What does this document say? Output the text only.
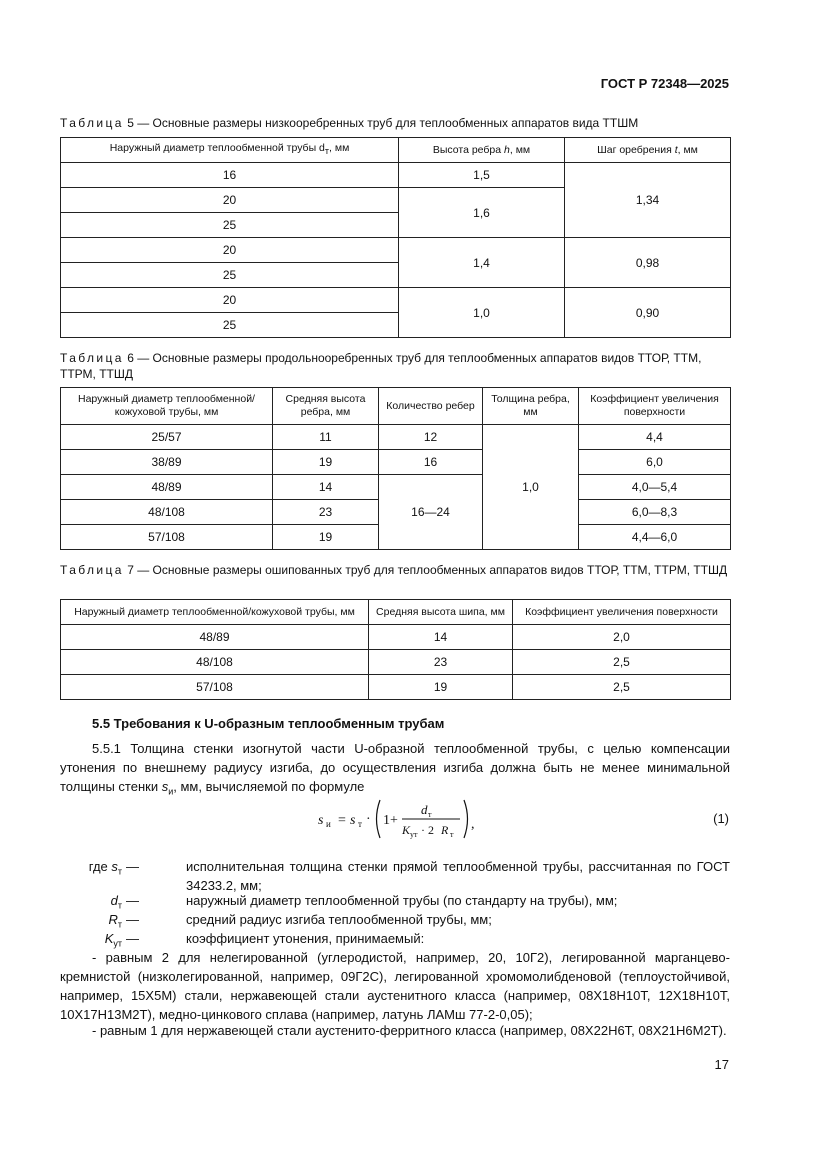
ГОСТ Р 72348—2025
Таблица 5 — Основные размеры низкооребренных труб для теплообменных аппаратов вида ТТШМ
Наружный диаметр теплообменной трубы $d_т$, мм	Высота ребра h, мм	Шаг оребрения t, мм
16	1,5	1,34
20	1,6	
25		
20	1,4	0,98
25		
20	1,0	0,90
25		
Таблица 6 — Основные размеры продольнооребренных труб для теплообменных аппаратов видов ТТОР, ТТМ, ТТРМ, ТТШД
Наружный диаметр теплообменной/ кожуховой трубы, мм	Средняя высота ребра, мм	Количество ребер	Толщина ребра, мм	Коэффициент увеличения поверхности
25/57	11	12	1,0	4,4
38/89	19	16		6,0
48/89	14	16—24		4,0—5,4
48/108	23			6,0—8,3
57/108	19			4,4—6,0
Таблица 7 — Основные размеры ошипованных труб для теплообменных аппаратов видов ТТОР, ТТМ, ТТРМ, ТТШД
Наружный диаметр теплообменной/кожуховой трубы, мм	Средняя высота шипа, мм	Коэффициент увеличения поверхности
48/89	14	2,0
48/108	23	2,5
57/108	19	2,5
5.5 Требования к U-образным теплообменным трубам
5.5.1 Толщина стенки изогнутой части U-образной теплообменной трубы, с целью компенсации утонения по внешнему радиусу изгиба, до осуществления изгиба должна быть не менее минимальной толщины стенки $s_и$, мм, вычисляемой по формуле
s и = s т · 1+
d т
K ут · 2 R т
,	(1)
где $s_т$ —	исполнительная толщина стенки прямой теплообменной трубы, рассчитанная по ГОСТ 34233.2, мм;
$d_т$ —	наружный диаметр теплообменной трубы (по стандарту на трубы), мм;
$R_т$ —	средний радиус изгиба теплообменной трубы, мм;
$K_{ут}$ —	коэффициент утонения, принимаемый:
- равным 2 для нелегированной (углеродистой, например, 20, 10Г2), легированной марганцево-кремнистой (низколегированной, например, 09Г2С), легированной хромомолибденовой (теплоустойчивой, например, 15Х5М) стали, нержавеющей стали аустенитного класса (например, 08Х18Н10Т, 12Х18Н10Т, 10Х17Н13М2Т), медно-цинкового сплава (например, латунь ЛАМш 77-2-0,05);
- равным 1 для нержавеющей стали аустенито-ферритного класса (например, 08Х22Н6Т, 08Х21Н6М2Т).
17
